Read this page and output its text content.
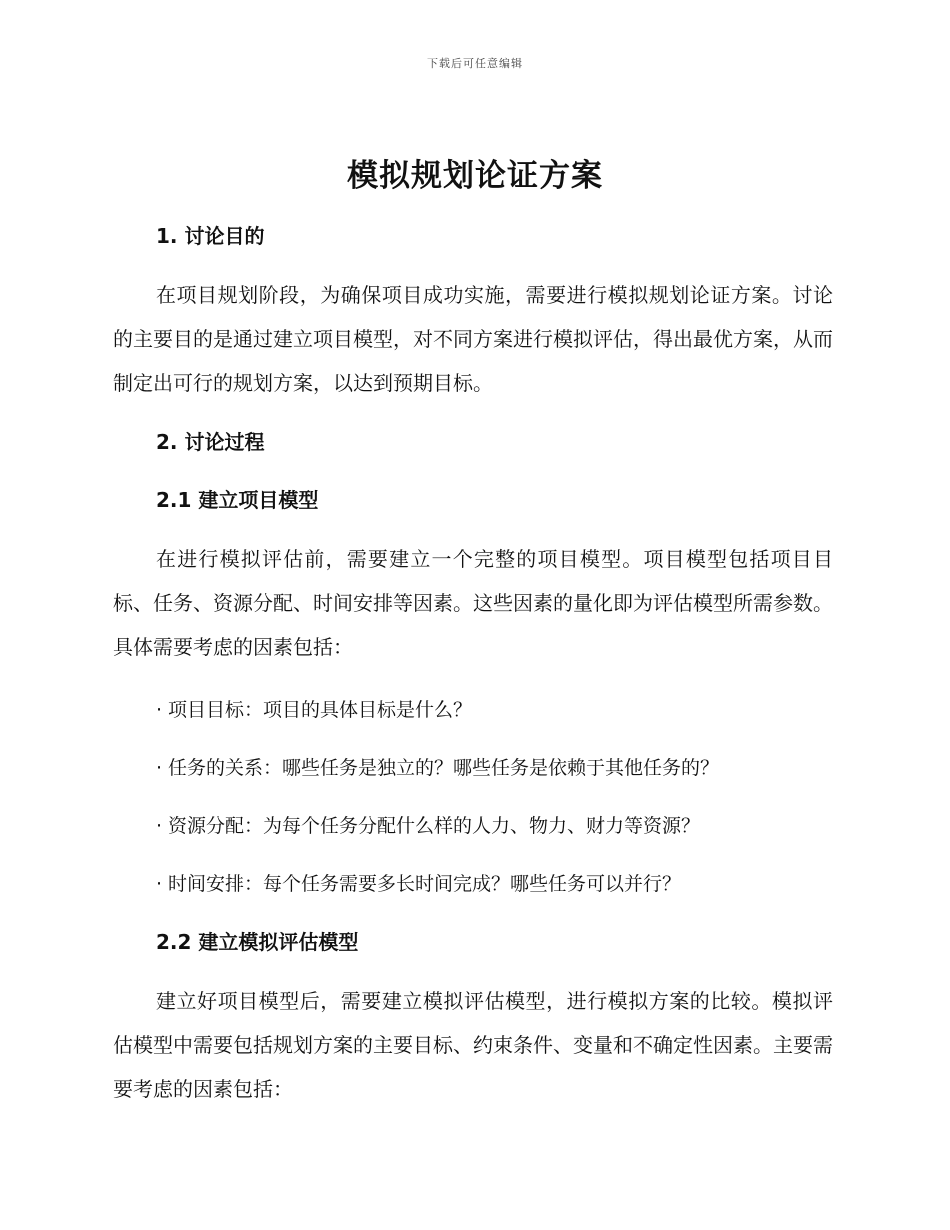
下载后可任意编辑
模拟规划论证方案

1. 讨论目的

在项目规划阶段，为确保项目成功实施，需要进行模拟规划论证方案。讨论的主要目的是通过建立项目模型，对不同方案进行模拟评估，得出最优方案，从而制定出可行的规划方案，以达到预期目标。

2. 讨论过程

2.1 建立项目模型

在进行模拟评估前，需要建立一个完整的项目模型。项目模型包括项目目标、任务、资源分配、时间安排等因素。这些因素的量化即为评估模型所需参数。具体需要考虑的因素包括：

· 项目目标：项目的具体目标是什么？

· 任务的关系：哪些任务是独立的？哪些任务是依赖于其他任务的？

· 资源分配：为每个任务分配什么样的人力、物力、财力等资源？

· 时间安排：每个任务需要多长时间完成？哪些任务可以并行？

2.2 建立模拟评估模型

建立好项目模型后，需要建立模拟评估模型，进行模拟方案的比较。模拟评估模型中需要包括规划方案的主要目标、约束条件、变量和不确定性因素。主要需要考虑的因素包括：
